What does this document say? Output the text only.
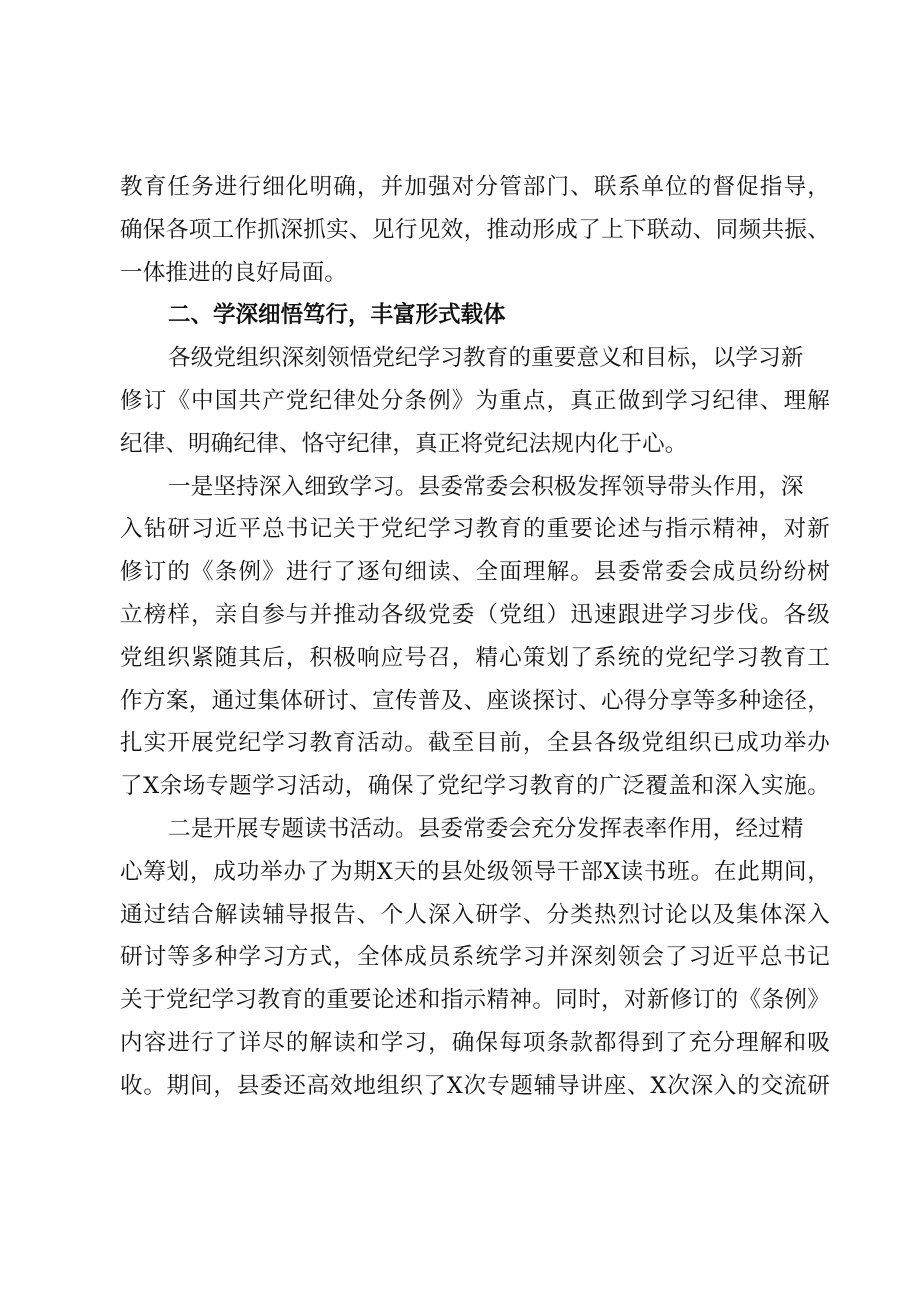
教育任务进行细化明确，并加强对分管部门、联系单位的督促指导，
确保各项工作抓深抓实、见行见效，推动形成了上下联动、同频共振、
一体推进的良好局面。
二、学深细悟笃行，丰富形式载体
各级党组织深刻领悟党纪学习教育的重要意义和目标，以学习新
修订《中国共产党纪律处分条例》为重点，真正做到学习纪律、理解
纪律、明确纪律、恪守纪律，真正将党纪法规内化于心。
一是坚持深入细致学习。县委常委会积极发挥领导带头作用，深
入钻研习近平总书记关于党纪学习教育的重要论述与指示精神，对新
修订的《条例》进行了逐句细读、全面理解。县委常委会成员纷纷树
立榜样，亲自参与并推动各级党委（党组）迅速跟进学习步伐。各级
党组织紧随其后，积极响应号召，精心策划了系统的党纪学习教育工
作方案，通过集体研讨、宣传普及、座谈探讨、心得分享等多种途径，
扎实开展党纪学习教育活动。截至目前，全县各级党组织已成功举办
了X余场专题学习活动，确保了党纪学习教育的广泛覆盖和深入实施。
二是开展专题读书活动。县委常委会充分发挥表率作用，经过精
心筹划，成功举办了为期X天的县处级领导干部X读书班。在此期间，
通过结合解读辅导报告、个人深入研学、分类热烈讨论以及集体深入
研讨等多种学习方式，全体成员系统学习并深刻领会了习近平总书记
关于党纪学习教育的重要论述和指示精神。同时，对新修订的《条例》
内容进行了详尽的解读和学习，确保每项条款都得到了充分理解和吸
收。期间，县委还高效地组织了X次专题辅导讲座、X次深入的交流研
